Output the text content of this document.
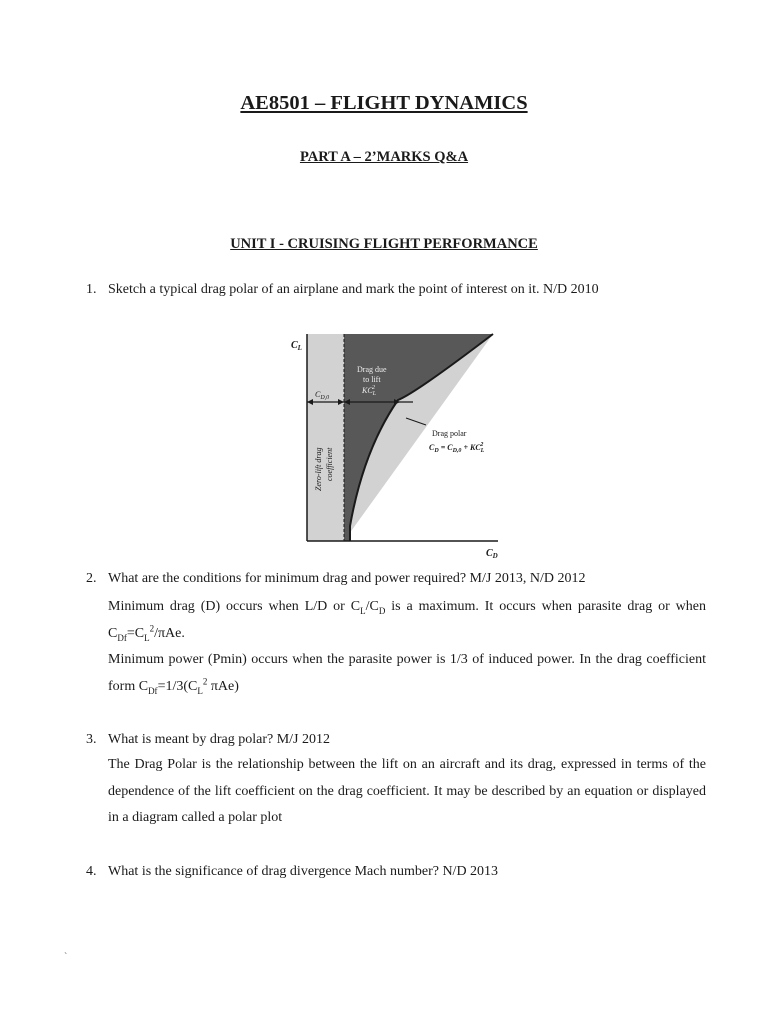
AE8501 – FLIGHT DYNAMICS
PART A – 2’MARKS Q&A
UNIT I - CRUISING FLIGHT PERFORMANCE
1. Sketch a typical drag polar of an airplane and mark the point of interest on it. N/D 2010
$C_L$
$C_D$
$C_{D,0}$
Zero-lift drag coefficient
Drag due
to lift
$KC_L2$
Drag polar
$C_D = C_{D,0} + KC_L2$
2. What are the conditions for minimum drag and power required? M/J 2013, N/D 2012

Minimum drag (D) occurs when L/D or $C_L/C_D$ is a maximum. It occurs when parasite drag or when $C_{Df}=C_L^2$/πAe.

Minimum power (Pmin) occurs when the parasite power is 1/3 of induced power. In the drag coefficient form $C_{Df}=1/3(C_L^2$ πAe)

3. What is meant by drag polar? M/J 2012

The Drag Polar is the relationship between the lift on an aircraft and its drag, expressed in terms of the dependence of the lift coefficient on the drag coefficient. It may be described by an equation or displayed in a diagram called a polar plot

4. What is the significance of drag divergence Mach number? N/D 2013
`
